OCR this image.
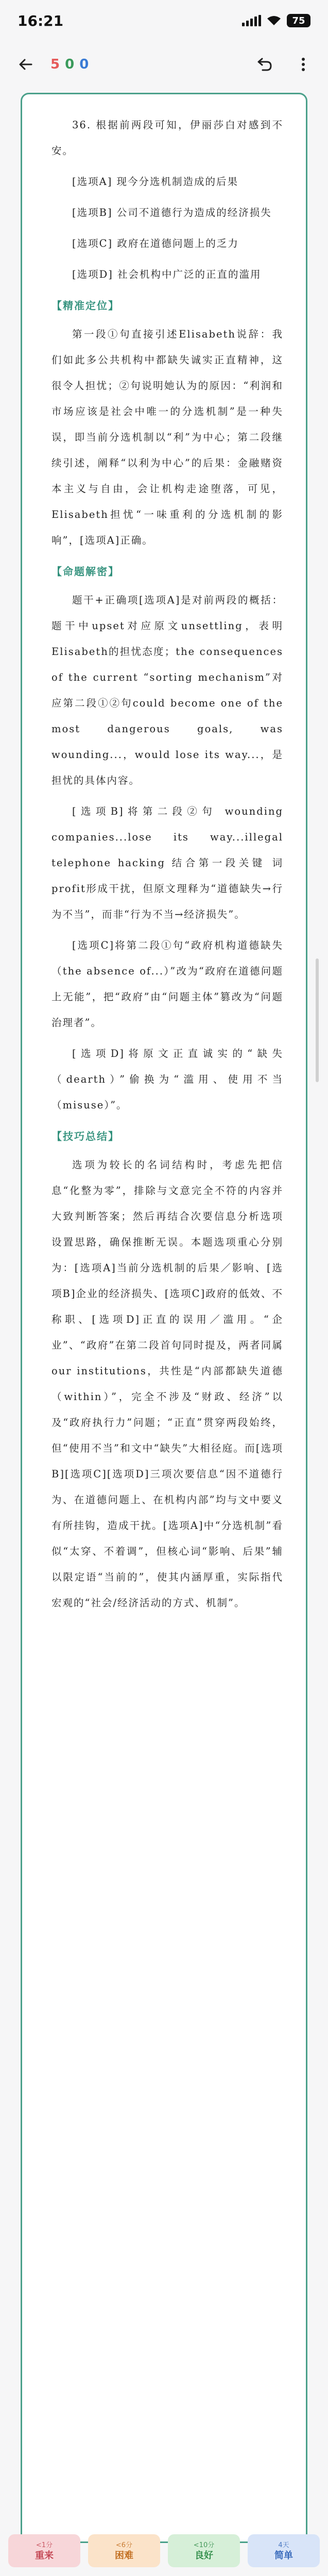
16:21	75
500

36. 根据前两段可知，伊丽莎白对感到不安。

[选项A] 现今分选机制造成的后果

[选项B] 公司不道德行为造成的经济损失

[选项C] 政府在道德问题上的乏力

[选项D] 社会机构中广泛的正直的滥用

【精准定位】

第一段①句直接引述Elisabeth说辞：我们如此多公共机构中都缺失诚实正直精神，这很令人担忧；②句说明她认为的原因：“利润和市场应该是社会中唯一的分选机制”是一种失误，即当前分选机制以“利”为中心；第二段继续引述，阐释“以利为中心”的后果：金融赌资本主义与自由，会让机构走途堕落，可见，Elisabeth担忧“一味重利的分选机制的影响”，[选项A]正确。

【命题解密】

题干+正确项[选项A]是对前两段的概括：题干中upset对应原文unsettling，表明Elisabeth的担忧态度；the consequences of the current “sorting mechanism”对应第二段①②句could become one of the most dangerous goals, was wounding...，would lose its way...，是担忧的具体内容。

[选项B]将第二段②句 wounding companies...lose its way...illegal telephone hacking 结合第一段关键 词profit形成干扰，但原文理释为“道德缺失→行为不当”，而非“行为不当→经济损失”。

[选项C]将第二段①句“政府机构道德缺失（the absence of...）”改为“政府在道德问题上无能”，把“政府”由“问题主体”篡改为“问题治理者”。

[选项D]将原文正直诚实的“缺失（dearth）”偷换为“滥用、使用不当（misuse）”。

【技巧总结】

选项为较长的名词结构时，考虑先把信息“化整为零”，排除与文意完全不符的内容并大致判断答案；然后再结合次要信息分析选项设置思路，确保推断无误。本题选项重心分别为：[选项A]当前分选机制的后果／影响、[选项B]企业的经济损失、[选项C]政府的低效、不称职、[选项D]正直的误用／滥用。“企业”、“政府”在第二段首句同时提及，两者同属our institutions，共性是“内部都缺失道德（within）”，完全不涉及“财政、经济”以及“政府执行力”问题；“正直”贯穿两段始终，但“使用不当”和文中“缺失”大相径庭。而[选项B][选项C][选项D]三项次要信息“因不道德行为、在道德问题上、在机构内部”均与文中要义有所挂钩，造成干扰。[选项A]中“分选机制”看似“太穿、不着调”，但核心词“影响、后果”辅以限定语“当前的”，使其内涵厚重，实际指代宏观的“社会/经济活动的方式、机制”。

<1分
重来
<6分
困难
<10分
良好
4天
简单
